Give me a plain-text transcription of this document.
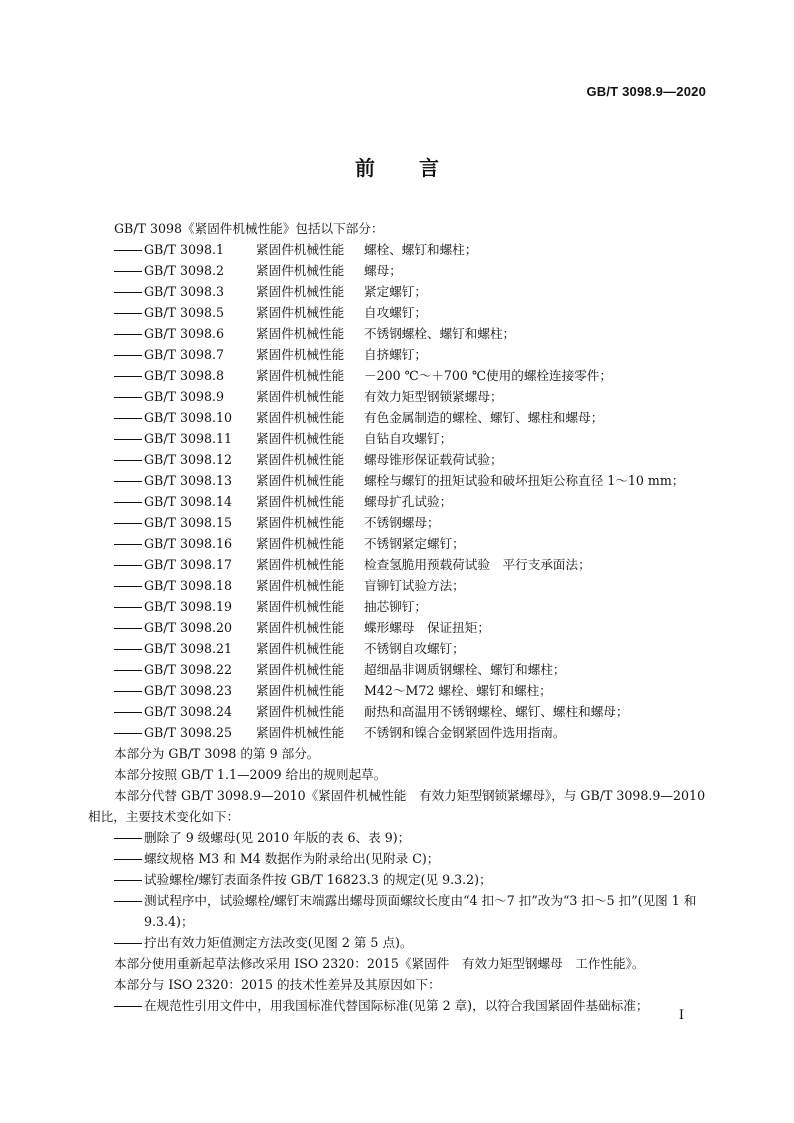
GB/T 3098.9—2020
前言
GB/T 3098《紧固件机械性能》包括以下部分：
GB/T 3098.1	紧固件机械性能	螺栓、螺钉和螺柱；
GB/T 3098.2	紧固件机械性能	螺母；
GB/T 3098.3	紧固件机械性能	紧定螺钉；
GB/T 3098.5	紧固件机械性能	自攻螺钉；
GB/T 3098.6	紧固件机械性能	不锈钢螺栓、螺钉和螺柱；
GB/T 3098.7	紧固件机械性能	自挤螺钉；
GB/T 3098.8	紧固件机械性能	－200 ℃～＋700 ℃使用的螺栓连接零件；
GB/T 3098.9	紧固件机械性能	有效力矩型钢锁紧螺母；
GB/T 3098.10	紧固件机械性能	有色金属制造的螺栓、螺钉、螺柱和螺母；
GB/T 3098.11	紧固件机械性能	自钻自攻螺钉；
GB/T 3098.12	紧固件机械性能	螺母锥形保证载荷试验；
GB/T 3098.13	紧固件机械性能	螺栓与螺钉的扭矩试验和破坏扭矩公称直径 1～10 mm；
GB/T 3098.14	紧固件机械性能	螺母扩孔试验；
GB/T 3098.15	紧固件机械性能	不锈钢螺母；
GB/T 3098.16	紧固件机械性能	不锈钢紧定螺钉；
GB/T 3098.17	紧固件机械性能	检查氢脆用预载荷试验　平行支承面法；
GB/T 3098.18	紧固件机械性能	盲铆钉试验方法；
GB/T 3098.19	紧固件机械性能	抽芯铆钉；
GB/T 3098.20	紧固件机械性能	蝶形螺母　保证扭矩；
GB/T 3098.21	紧固件机械性能	不锈钢自攻螺钉；
GB/T 3098.22	紧固件机械性能	超细晶非调质钢螺栓、螺钉和螺柱；
GB/T 3098.23	紧固件机械性能	M42～M72 螺栓、螺钉和螺柱；
GB/T 3098.24	紧固件机械性能	耐热和高温用不锈钢螺栓、螺钉、螺柱和螺母；
GB/T 3098.25	紧固件机械性能	不锈钢和镍合金钢紧固件选用指南。
本部分为 GB/T 3098 的第 9 部分。
本部分按照 GB/T 1.1—2009 给出的规则起草。
本部分代替 GB/T 3098.9—2010《紧固件机械性能　有效力矩型钢锁紧螺母》，与 GB/T 3098.9—2010 相比，主要技术变化如下：
删除了 9 级螺母(见 2010 年版的表 6、表 9)；
螺纹规格 M3 和 M4 数据作为附录给出(见附录 C)；
试验螺栓/螺钉表面条件按 GB/T 16823.3 的规定(见 9.3.2)；
测试程序中，试验螺栓/螺钉末端露出螺母顶面螺纹长度由“4 扣～7 扣”改为“3 扣～5 扣”(见图 1 和 9.3.4)；
拧出有效力矩值测定方法改变(见图 2 第 5 点)。
本部分使用重新起草法修改采用 ISO 2320：2015《紧固件　有效力矩型钢螺母　工作性能》。
本部分与 ISO 2320：2015 的技术性差异及其原因如下：
在规范性引用文件中，用我国标准代替国际标准(见第 2 章)，以符合我国紧固件基础标准；
I
